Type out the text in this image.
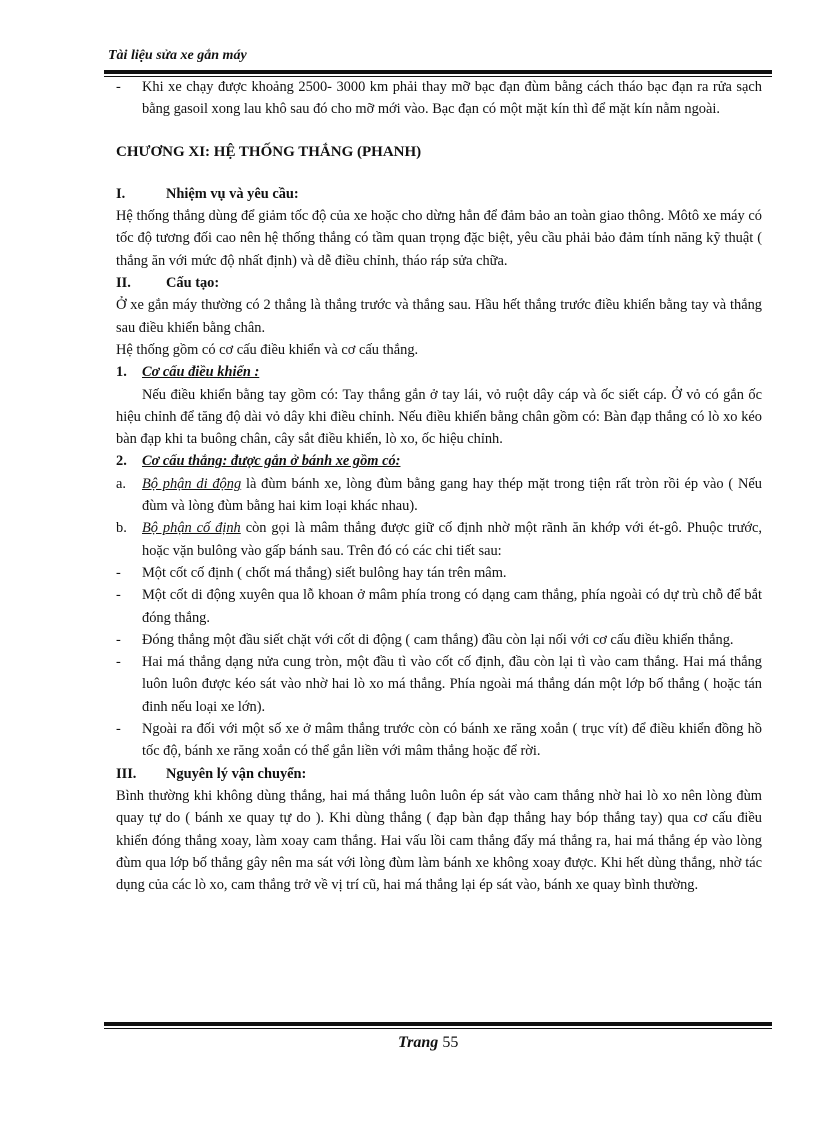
Tài liệu sửa xe gắn máy

- Khi xe chạy được khoảng 2500- 3000 km phải thay mỡ bạc đạn đùm bằng cách tháo bạc đạn ra rửa sạch bằng gasoil xong lau khô sau đó cho mỡ mới vào. Bạc đạn có một mặt kín thì để mặt kín nằm ngoài.

CHƯƠNG XI: HỆ THỐNG THẮNG (PHANH)

I.	Nhiệm vụ và yêu cầu:

Hệ thống thắng dùng để giảm tốc độ của xe hoặc cho dừng hẳn để đảm bảo an toàn giao thông. Môtô xe máy có tốc độ tương đối cao nên hệ thống thắng có tầm quan trọng đặc biệt, yêu cầu phải bảo đảm tính năng kỹ thuật ( thắng ăn với mức độ nhất định) và dễ điều chỉnh, tháo ráp sửa chữa.

II. Cấu tạo:

Ở xe gắn máy thường có 2 thắng là thắng trước và thắng sau. Hầu hết thắng trước điều khiển bằng tay và thắng sau điều khiển bằng chân.

Hệ thống gồm có cơ cấu điều khiển và cơ cấu thắng.

1. Cơ cấu điều khiển :

Nếu điều khiển bằng tay gồm có: Tay thắng gắn ở tay lái, vỏ ruột dây cáp và ốc siết cáp. Ở vỏ có gắn ốc hiệu chỉnh để tăng độ dài vỏ dây khi điều chỉnh. Nếu điều khiển bằng chân gồm có: Bàn đạp thắng có lò xo kéo bàn đạp khi ta buông chân, cây sắt điều khiển, lò xo, ốc hiệu chỉnh.

2. Cơ cấu thắng: được gắn ở bánh xe gồm có:

a. Bộ phận di động là đùm bánh xe, lòng đùm bằng gang hay thép mặt trong tiện rất tròn rồi ép vào ( Nếu đùm và lòng đùm bằng hai kim loại khác nhau).

b. Bộ phận cố định còn gọi là mâm thắng được giữ cố định nhờ một rãnh ăn khớp với ét-gô. Phuộc trước, hoặc vặn bulông vào gấp bánh sau. Trên đó có các chi tiết sau:

- Một cốt cố định ( chốt má thắng) siết bulông hay tán trên mâm.

- Một cốt di động xuyên qua lỗ khoan ở mâm phía trong có dạng cam thắng, phía ngoài có dự trù chỗ để bắt đóng thắng.

- Đóng thắng một đầu siết chặt với cốt di động ( cam thắng) đầu còn lại nối với cơ cấu điều khiển thắng.

- Hai má thắng dạng nửa cung tròn, một đầu tì vào cốt cố định, đầu còn lại tì vào cam thắng. Hai má thắng luôn luôn được kéo sát vào nhờ hai lò xo má thắng. Phía ngoài má thắng dán một lớp bố thắng ( hoặc tán đinh nếu loại xe lớn).

- Ngoài ra đối với một số xe ở mâm thắng trước còn có bánh xe răng xoắn ( trục vít) để điều khiển đồng hồ tốc độ, bánh xe răng xoắn có thể gắn liền với mâm thắng hoặc để rời.

III. Nguyên lý vận chuyển:

Bình thường khi không dùng thắng, hai má thắng luôn luôn ép sát vào cam thắng nhờ hai lò xo nên lòng đùm quay tự do ( bánh xe quay tự do ). Khi dùng thắng ( đạp bàn đạp thắng hay bóp thắng tay) qua cơ cấu điều khiển đóng thắng xoay, làm xoay cam thắng. Hai vấu lồi cam thắng đẩy má thắng ra, hai má thắng ép vào lòng đùm qua lớp bố thắng gây nên ma sát với lòng đùm làm bánh xe không xoay được. Khi hết dùng thắng, nhờ tác dụng của các lò xo, cam thắng trở về vị trí cũ, hai má thắng lại ép sát vào, bánh xe quay bình thường.

Trang 55
